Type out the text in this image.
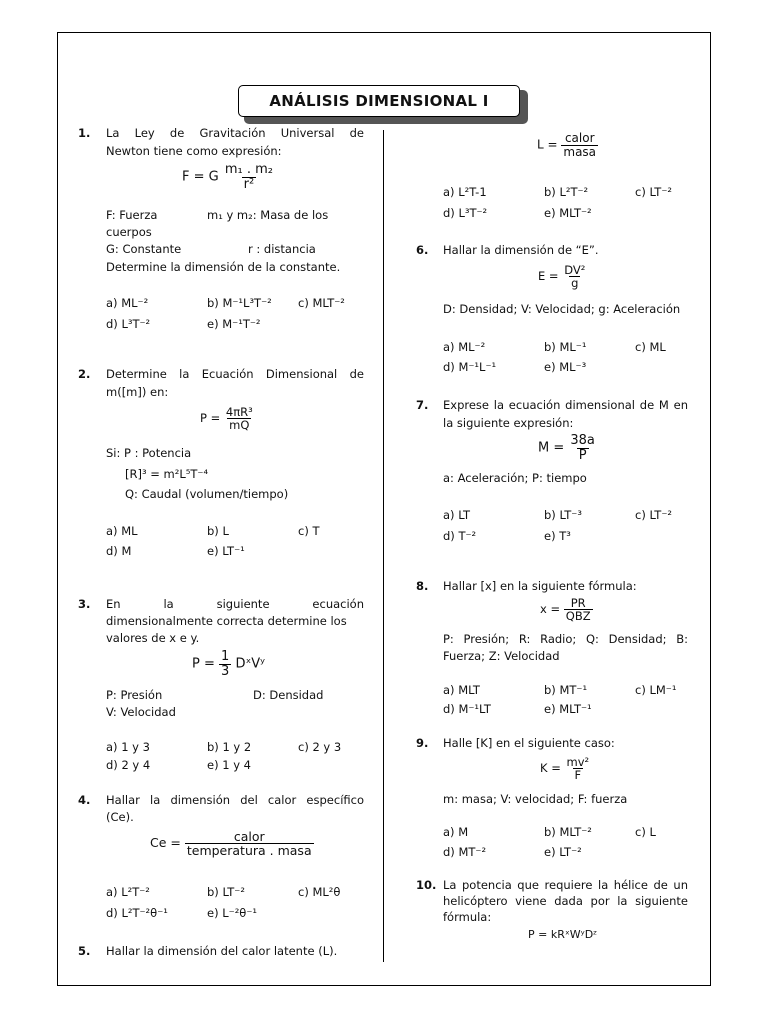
ANÁLISIS DIMENSIONAL I
1. La Ley de Gravitación Universal de
Newton tiene como expresión:
F = G $\frac{\text{m₁ . m₂}}{\text{r²}}$
F: Fuerza	m₁ y m₂: Masa de los
cuerpos
G: Constante	r : distancia
Determine la dimensión de la constante.
a) ML⁻²	b) M⁻¹L³T⁻² c) MLT⁻²
d) L³T⁻²	e) M⁻¹T⁻²
2. Determine la Ecuación Dimensional de
m([m]) en:
$P = \frac{\text{4πR³}}{mQ}$
Si: P : Potencia
[R]³ = m²L⁵T⁻⁴
Q: Caudal (volumen/tiempo)
a) ML	b) L	c) T
d) M	e) LT⁻¹
3. En la siguiente ecuación
dimensionalmente correcta determine los
valores de x e y.
$P = \frac{1}{3}$ DˣVʸ
P: Presión	D: Densidad
V: Velocidad
a) 1 y 3	b) 1 y 2	c) 2 y 3
d) 2 y 4	e) 1 y 4
4. Hallar la dimensión del calor específico
(Ce).
$Ce = \frac{\text{calor}}{\text{temperatura . masa}}$
a) L²T⁻²	b) LT⁻²	c) ML²θ
d) L²T⁻²θ⁻¹	e) L⁻²θ⁻¹
5. Hallar la dimensión del calor latente (L).
$L = \frac{\text{calor}}{\text{masa}}$
a) L²T-1	b) L²T⁻²	c) LT⁻²
d) L³T⁻²	e) MLT⁻²
6. Hallar la dimensión de “E”.
$E = \frac{\text{DV²}}{g}$
D: Densidad; V: Velocidad; g: Aceleración
a) ML⁻²	b) ML⁻¹	c) ML
d) M⁻¹L⁻¹	e) ML⁻³
7. Exprese la ecuación dimensional de M en
la siguiente expresión:
$M = \frac{38a}{P}$
a: Aceleración; P: tiempo
a) LT	b) LT⁻³	c) LT⁻²
d) T⁻²	e) T³
8. Hallar [x] en la siguiente fórmula:
$x = \frac{PR}{\text{QBZ}}$
P: Presión; R: Radio; Q: Densidad; B:
Fuerza; Z: Velocidad
a) MLT	b) MT⁻¹	c) LM⁻¹
d) M⁻¹LT	e) MLT⁻¹
9. Halle [K] en el siguiente caso:
$K = \frac{\text{mv²}}{F}$
m: masa; V: velocidad; F: fuerza
a) M	b) MLT⁻²	c) L
d) MT⁻²	e) LT⁻²
10. La potencia que requiere la hélice de un
helicóptero viene dada por la siguiente
fórmula:
P = kRˣWʸDᶻ
